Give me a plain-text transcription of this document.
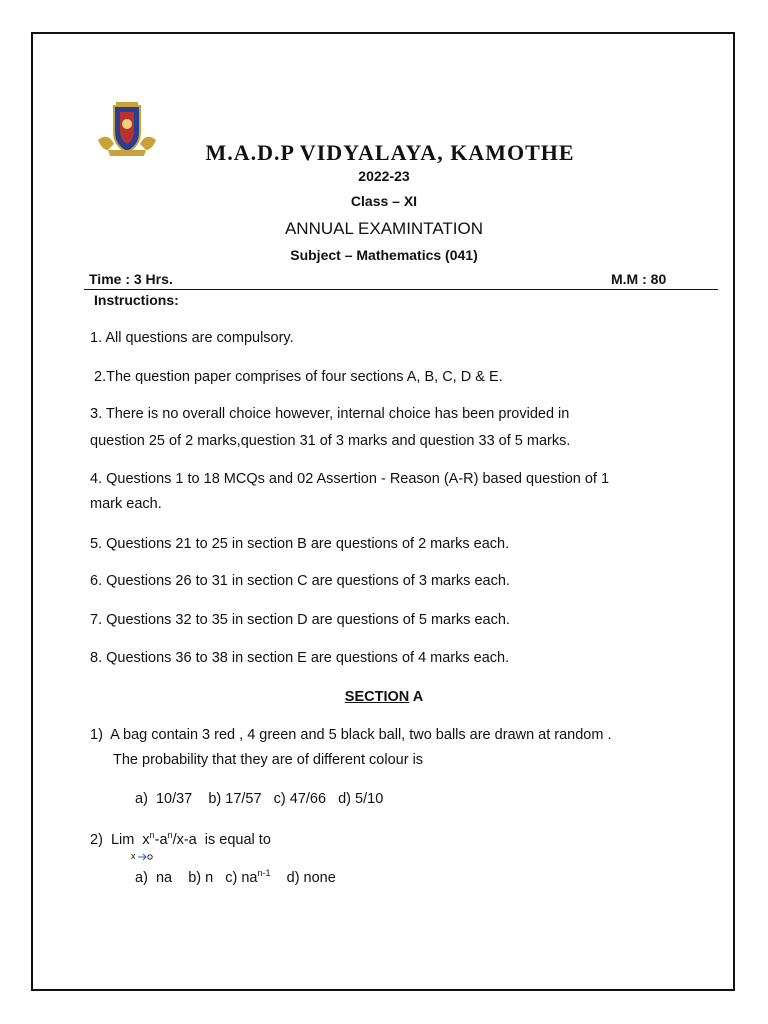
M.A.D.P VIDYALAYA, KAMOTHE
2022-23
Class – XI
ANNUAL EXAMINTATION
Subject – Mathematics (041)
Time : 3 Hrs.	M.M : 80
Instructions:
1. All questions are compulsory.
2.The question paper comprises of four sections A, B, C, D & E.
3. There is no overall choice however, internal choice has been provided in
question 25 of 2 marks,question 31 of 3 marks and question 33 of 5 marks.
4. Questions 1 to 18 MCQs and 02 Assertion - Reason (A-R) based question of 1
mark each.
5. Questions 21 to 25 in section B are questions of 2 marks each.
6. Questions 26 to 31 in section C are questions of 3 marks each.
7. Questions 32 to 35 in section D are questions of 5 marks each.
8. Questions 36 to 38 in section E are questions of 4 marks each.
SECTION A
1)  A bag contain 3 red , 4 green and 5 black ball, two balls are drawn at random .
The probability that they are of different colour is
a)  10/37    b) 17/57   c) 47/66   d) 5/10
2)  Lim  $x^n-a^n/x-a$  is equal to
x
a)  na    b) n   c) $na^{n-1}$    d) none
